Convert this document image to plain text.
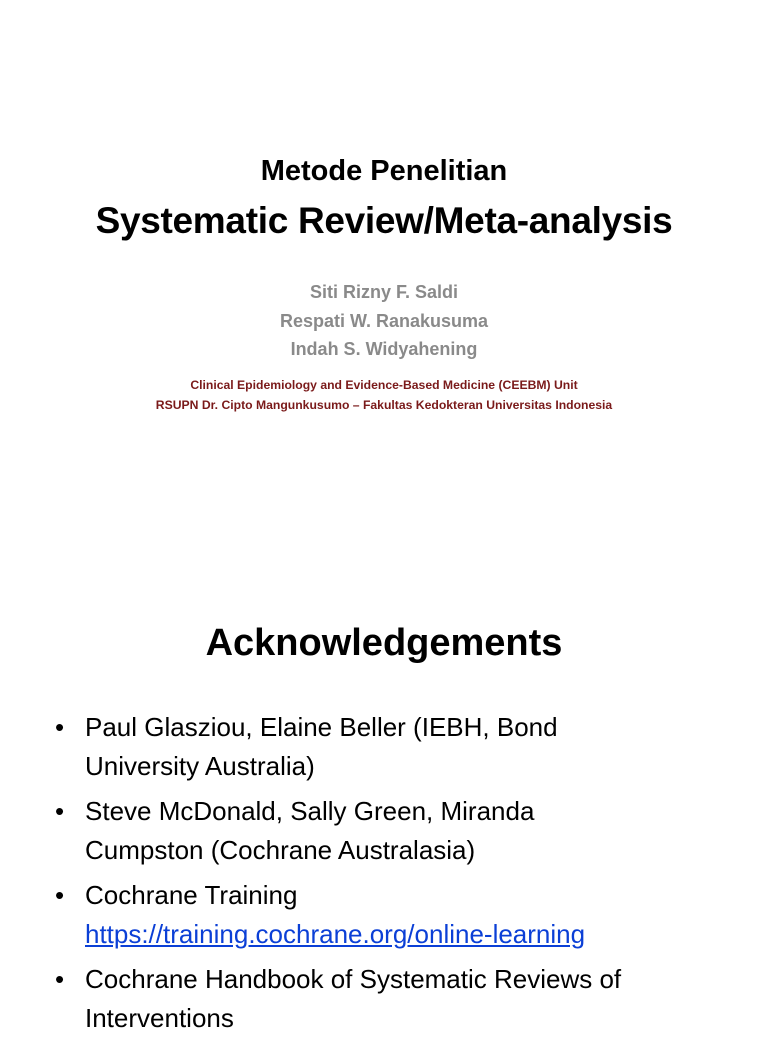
Metode Penelitian
Systematic Review/Meta-analysis
Siti Rizny F. Saldi
Respati W. Ranakusuma
Indah S. Widyahening
Clinical Epidemiology and Evidence-Based Medicine (CEEBM) Unit
RSUPN Dr. Cipto Mangunkusumo – Fakultas Kedokteran Universitas Indonesia
Acknowledgements
• Paul Glasziou, Elaine Beller (IEBH, Bond
University Australia)
• Steve McDonald, Sally Green, Miranda
Cumpston (Cochrane Australasia)
• Cochrane Training
https://training.cochrane.org/online-learning
• Cochrane Handbook of Systematic Reviews of
Interventions
